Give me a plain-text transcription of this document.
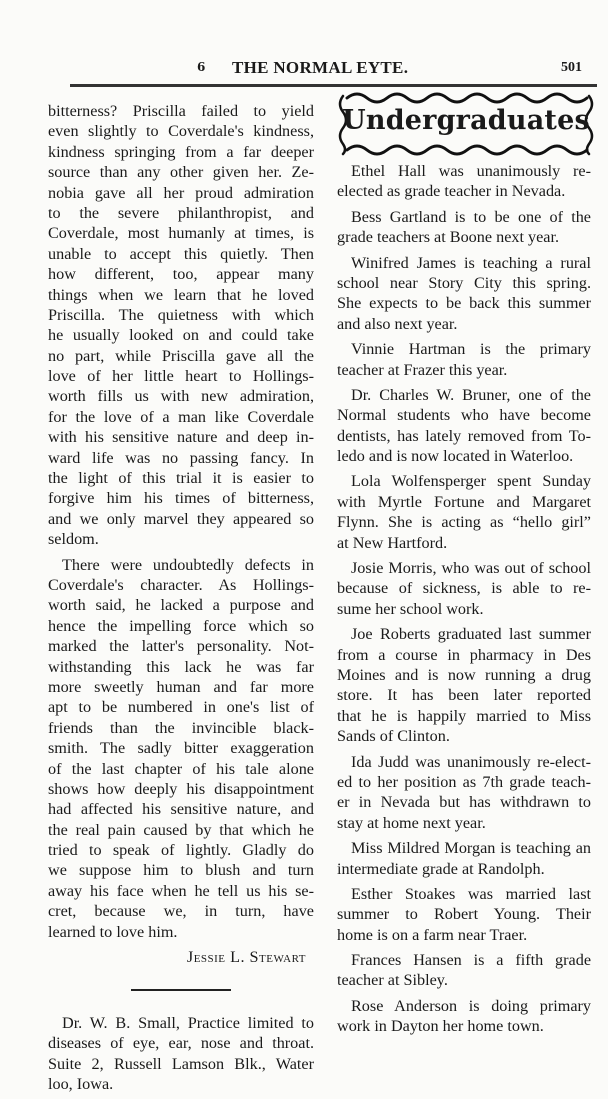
6 THE NORMAL EYTE.	501
bitterness? Priscilla failed to yield
even slightly to Coverdale's kindness,
kindness springing from a far deeper
source than any other given her. Ze-
nobia gave all her proud admiration
to the severe philanthropist, and
Coverdale, most humanly at times, is
unable to accept this quietly. Then
how different, too, appear many
things when we learn that he loved
Priscilla. The quietness with which
he usually looked on and could take
no part, while Priscilla gave all the
love of her little heart to Hollings-
worth fills us with new admiration,
for the love of a man like Coverdale
with his sensitive nature and deep in-
ward life was no passing fancy. In
the light of this trial it is easier to
forgive him his times of bitterness,
and we only marvel they appeared so
seldom.
There were undoubtedly defects in
Coverdale's character. As Hollings-
worth said, he lacked a purpose and
hence the impelling force which so
marked the latter's personality. Not-
withstanding this lack he was far
more sweetly human and far more
apt to be numbered in one's list of
friends than the invincible black-
smith. The sadly bitter exaggeration
of the last chapter of his tale alone
shows how deeply his disappointment
had affected his sensitive nature, and
the real pain caused by that which he
tried to speak of lightly. Gladly do
we suppose him to blush and turn
away his face when he tell us his se-
cret, because we, in turn, have
learned to love him.
Jessie L. Stewart
Dr. W. B. Small, Practice limited to
diseases of eye, ear, nose and throat.
Suite 2, Russell Lamson Blk., Water
loo, Iowa.
Undergraduates
Ethel Hall was unanimously re-
elected as grade teacher in Nevada.
Bess Gartland is to be one of the
grade teachers at Boone next year.
Winifred James is teaching a rural
school near Story City this spring.
She expects to be back this summer
and also next year.
Vinnie Hartman is the primary
teacher at Frazer this year.
Dr. Charles W. Bruner, one of the
Normal students who have become
dentists, has lately removed from To-
ledo and is now located in Waterloo.
Lola Wolfensperger spent Sunday
with Myrtle Fortune and Margaret
Flynn. She is acting as “hello girl”
at New Hartford.
Josie Morris, who was out of school
because of sickness, is able to re-
sume her school work.
Joe Roberts graduated last summer
from a course in pharmacy in Des
Moines and is now running a drug
store. It has been later reported
that he is happily married to Miss
Sands of Clinton.
Ida Judd was unanimously re-elect-
ed to her position as 7th grade teach-
er in Nevada but has withdrawn to
stay at home next year.
Miss Mildred Morgan is teaching an
intermediate grade at Randolph.
Esther Stoakes was married last
summer to Robert Young. Their
home is on a farm near Traer.
Frances Hansen is a fifth grade
teacher at Sibley.
Rose Anderson is doing primary
work in Dayton her home town.
